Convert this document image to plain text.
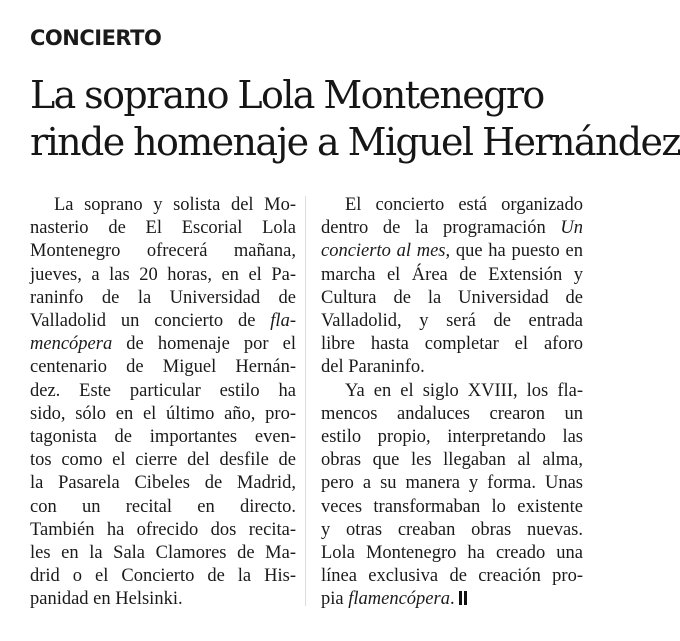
CONCIERTO
La soprano Lola Montenegro
rinde homenaje a Miguel Hernández

La soprano y solista del Mo-
nasterio de El Escorial Lola
Montenegro ofrecerá mañana,
jueves, a las 20 horas, en el Pa-
raninfo de la Universidad de
Valladolid un concierto de fla-
mencópera de homenaje por el
centenario de Miguel Hernán-
dez. Este particular estilo ha
sido, sólo en el último año, pro-
tagonista de importantes even-
tos como el cierre del desfile de
la Pasarela Cibeles de Madrid,
con un recital en directo.
También ha ofrecido dos recita-
les en la Sala Clamores de Ma-
drid o el Concierto de la His-
panidad en Helsinki.

El concierto está organizado
dentro de la programación Un
concierto al mes, que ha puesto en
marcha el Área de Extensión y
Cultura de la Universidad de
Valladolid, y será de entrada
libre hasta completar el aforo
del Paraninfo.

Ya en el siglo XVIII, los fla-
mencos andaluces crearon un
estilo propio, interpretando las
obras que les llegaban al alma,
pero a su manera y forma. Unas
veces transformaban lo existente
y otras creaban obras nuevas.
Lola Montenegro ha creado una
línea exclusiva de creación pro-
pia flamencópera.
